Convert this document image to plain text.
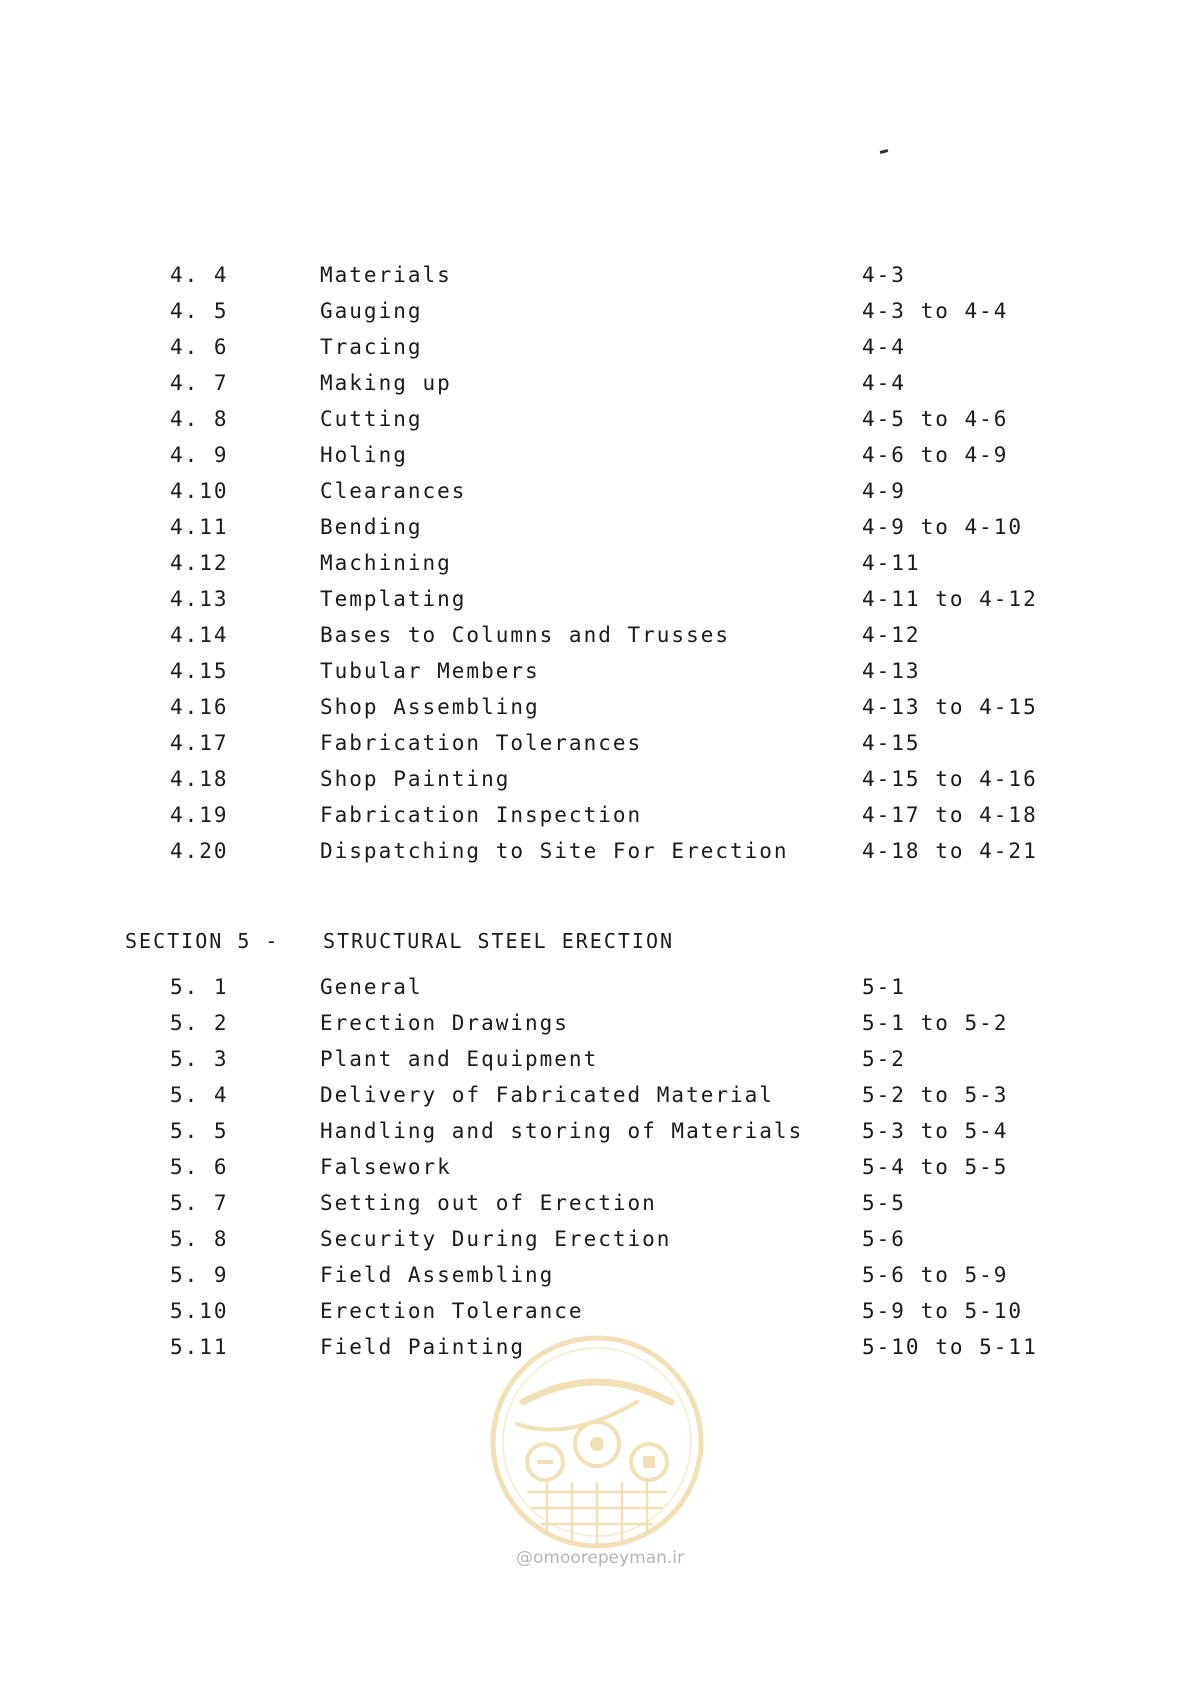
4. 4	Materials	4-3
4. 5	Gauging	4-3 to 4-4
4. 6	Tracing	4-4
4. 7	Making up	4-4
4. 8	Cutting	4-5 to 4-6
4. 9	Holing	4-6 to 4-9
4.10	Clearances	4-9
4.11	Bending	4-9 to 4-10
4.12	Machining	4-11
4.13	Templating	4-11 to 4-12
4.14	Bases to Columns and Trusses	4-12
4.15	Tubular Members	4-13
4.16	Shop Assembling	4-13 to 4-15
4.17	Fabrication Tolerances	4-15
4.18	Shop Painting	4-15 to 4-16
4.19	Fabrication Inspection	4-17 to 4-18
4.20	Dispatching to Site For Erection	4-18 to 4-21
SECTION 5 - STRUCTURAL STEEL ERECTION
5. 1	General	5-1
5. 2	Erection Drawings	5-1 to 5-2
5. 3	Plant and Equipment	5-2
5. 4	Delivery of Fabricated Material	5-2 to 5-3
5. 5	Handling and storing of Materials	5-3 to 5-4
5. 6	Falsework	5-4 to 5-5
5. 7	Setting out of Erection	5-5
5. 8	Security During Erection	5-6
5. 9	Field Assembling	5-6 to 5-9
5.10	Erection Tolerance	5-9 to 5-10
5.11	Field Painting	5-10 to 5-11
@omoorepeyman.ir
